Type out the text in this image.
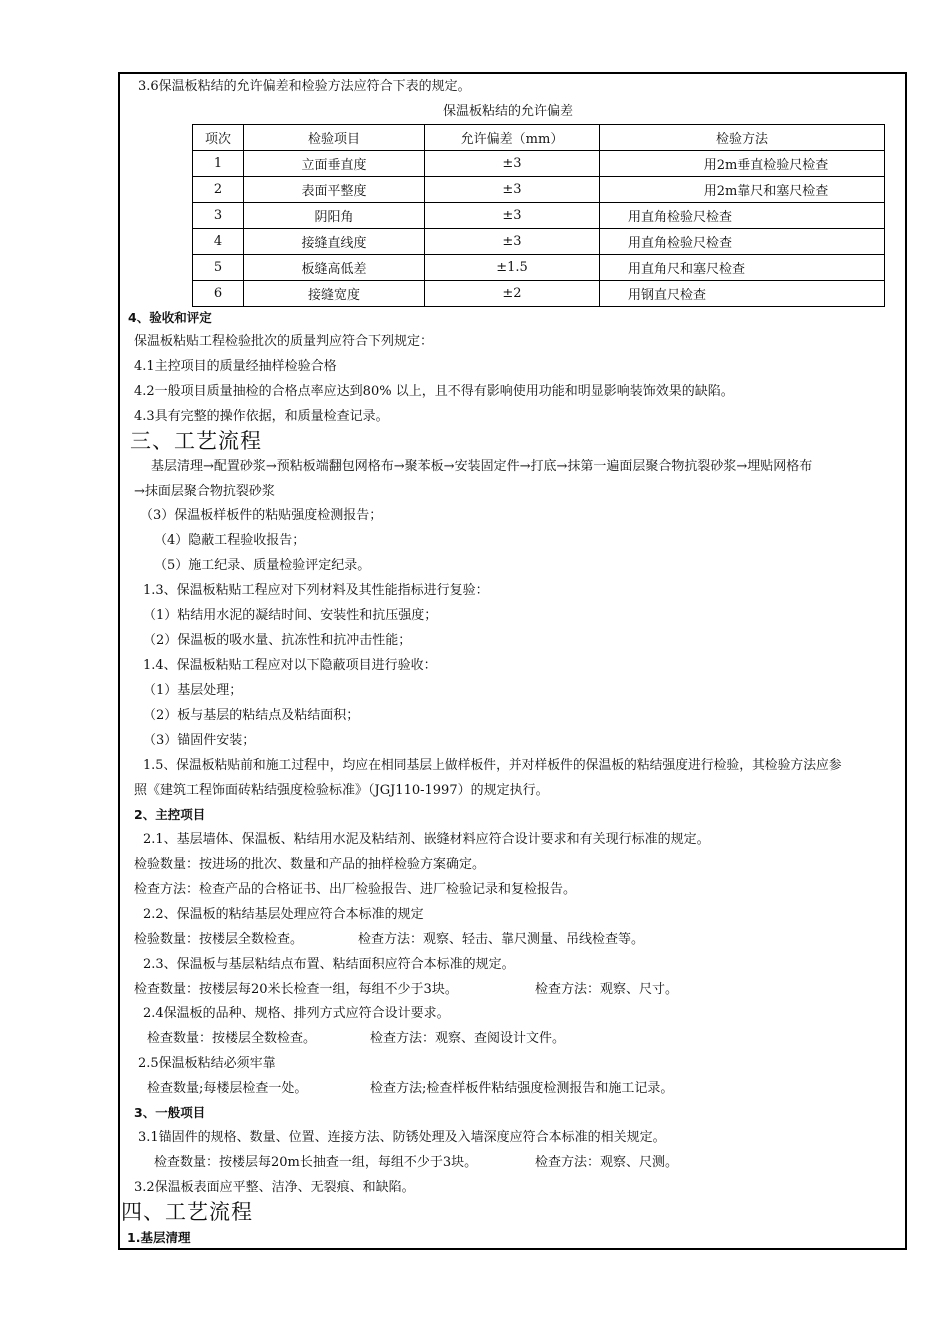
3.6保温板粘结的允许偏差和检验方法应符合下表的规定。
保温板粘结的允许偏差
项次	检验项目	允许偏差（mm）	检验方法
1	立面垂直度	±3	用2m垂直检验尺检查
2	表面平整度	±3	用2m靠尺和塞尺检查
3	阴阳角	±3	用直角检验尺检查
4	接缝直线度	±3	用直角检验尺检查
5	板缝高低差	±1.5	用直角尺和塞尺检查
6	接缝宽度	±2	用钢直尺检查
4、验收和评定
保温板粘贴工程检验批次的质量判应符合下列规定：
4.1主控项目的质量经抽样检验合格
4.2一般项目质量抽检的合格点率应达到80% 以上，且不得有影响使用功能和明显影响装饰效果的缺陷。
4.3具有完整的操作依据，和质量检查记录。
三、工艺流程
基层清理→配置砂浆→预粘板端翻包网格布→聚苯板→安装固定件→打底→抹第一遍面层聚合物抗裂砂浆→埋贴网格布
→抹面层聚合物抗裂砂浆
（3）保温板样板件的粘贴强度检测报告；
（4）隐蔽工程验收报告；
（5）施工纪录、质量检验评定纪录。
1.3、保温板粘贴工程应对下列材料及其性能指标进行复验：
（1）粘结用水泥的凝结时间、安装性和抗压强度；
（2）保温板的吸水量、抗冻性和抗冲击性能；
1.4、保温板粘贴工程应对以下隐蔽项目进行验收：
（1）基层处理；
（2）板与基层的粘结点及粘结面积；
（3）锚固件安装；
1.5、保温板粘贴前和施工过程中，均应在相同基层上做样板件，并对样板件的保温板的粘结强度进行检验，其检验方法应参
照《建筑工程饰面砖粘结强度检验标准》（JGJ110-1997）的规定执行。
2、主控项目
2.1、基层墙体、保温板、粘结用水泥及粘结剂、嵌缝材料应符合设计要求和有关现行标准的规定。
检验数量：按进场的批次、数量和产品的抽样检验方案确定。
检查方法：检查产品的合格证书、出厂检验报告、进厂检验记录和复检报告。
2.2、保温板的粘结基层处理应符合本标准的规定
检验数量：按楼层全数检查。	检查方法：观察、轻击、靠尺测量、吊线检查等。
2.3、保温板与基层粘结点布置、粘结面积应符合本标准的规定。
检查数量：按楼层每20米长检查一组，每组不少于3块。	检查方法：观察、尺寸。
2.4保温板的品种、规格、排列方式应符合设计要求。
检查数量：按楼层全数检查。	检查方法：观察、查阅设计文件。
2.5保温板粘结必须牢靠
检查数量;每楼层检查一处。	检查方法;检查样板件粘结强度检测报告和施工记录。
3、一般项目
3.1锚固件的规格、数量、位置、连接方法、防锈处理及入墙深度应符合本标准的相关规定。
检查数量：按楼层每20m长抽查一组，每组不少于3块。	检查方法：观察、尺测。
3.2保温板表面应平整、洁净、无裂痕、和缺陷。
四、工艺流程
1.基层清理
